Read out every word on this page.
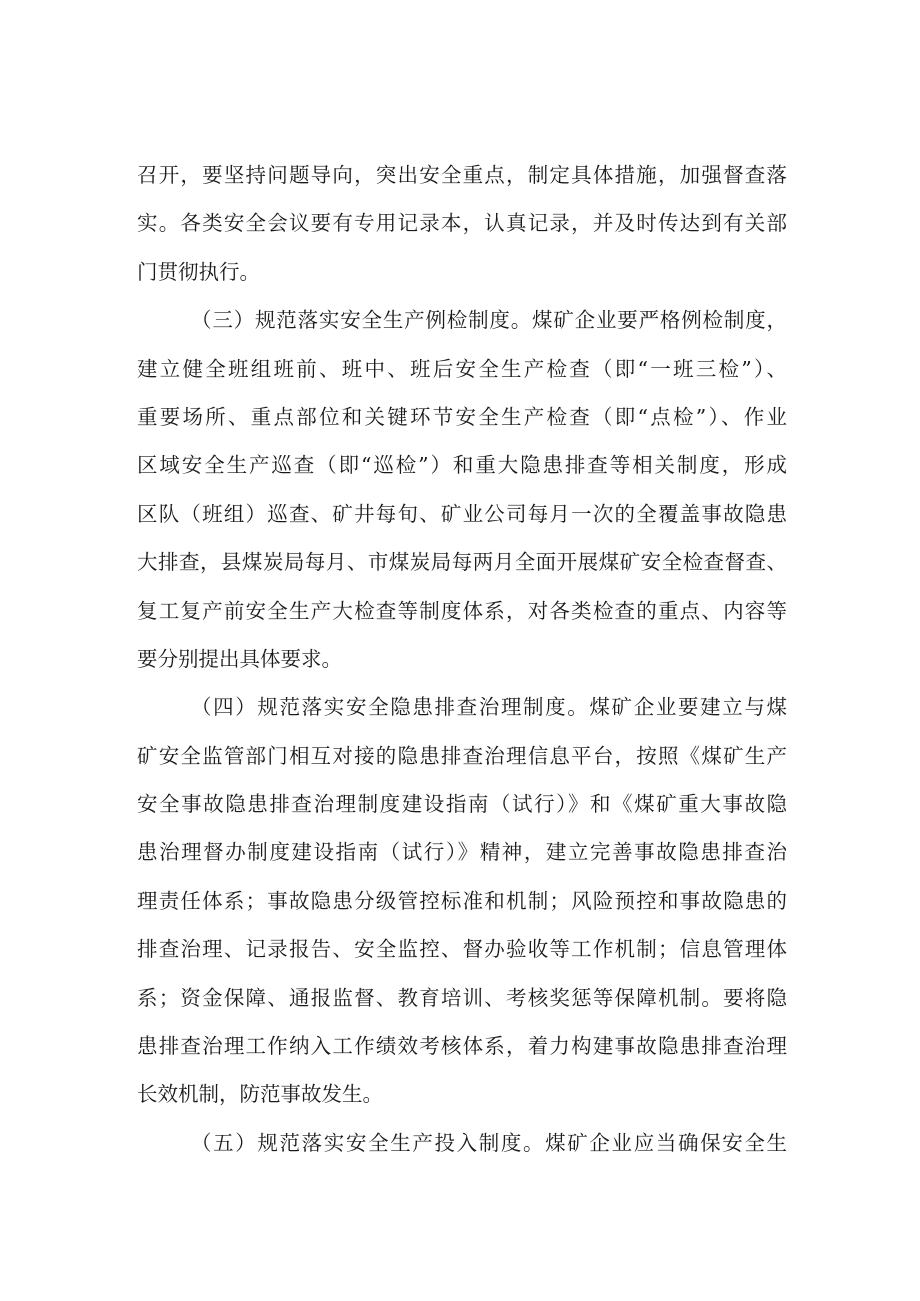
召开，要坚持问题导向，突出安全重点，制定具体措施，加强督查落
实。各类安全会议要有专用记录本，认真记录，并及时传达到有关部
门贯彻执行。
（三）规范落实安全生产例检制度。煤矿企业要严格例检制度，
建立健全班组班前、班中、班后安全生产检查（即“一班三检”）、
重要场所、重点部位和关键环节安全生产检查（即“点检”）、作业
区域安全生产巡查（即“巡检”）和重大隐患排查等相关制度，形成
区队（班组）巡查、矿井每旬、矿业公司每月一次的全覆盖事故隐患
大排查，县煤炭局每月、市煤炭局每两月全面开展煤矿安全检查督查、
复工复产前安全生产大检查等制度体系，对各类检查的重点、内容等
要分别提出具体要求。
（四）规范落实安全隐患排查治理制度。煤矿企业要建立与煤
矿安全监管部门相互对接的隐患排查治理信息平台，按照《煤矿生产
安全事故隐患排查治理制度建设指南（试行）》和《煤矿重大事故隐
患治理督办制度建设指南（试行）》精神，建立完善事故隐患排查治
理责任体系；事故隐患分级管控标准和机制；风险预控和事故隐患的
排查治理、记录报告、安全监控、督办验收等工作机制；信息管理体
系；资金保障、通报监督、教育培训、考核奖惩等保障机制。要将隐
患排查治理工作纳入工作绩效考核体系，着力构建事故隐患排查治理
长效机制，防范事故发生。
（五）规范落实安全生产投入制度。煤矿企业应当确保安全生
